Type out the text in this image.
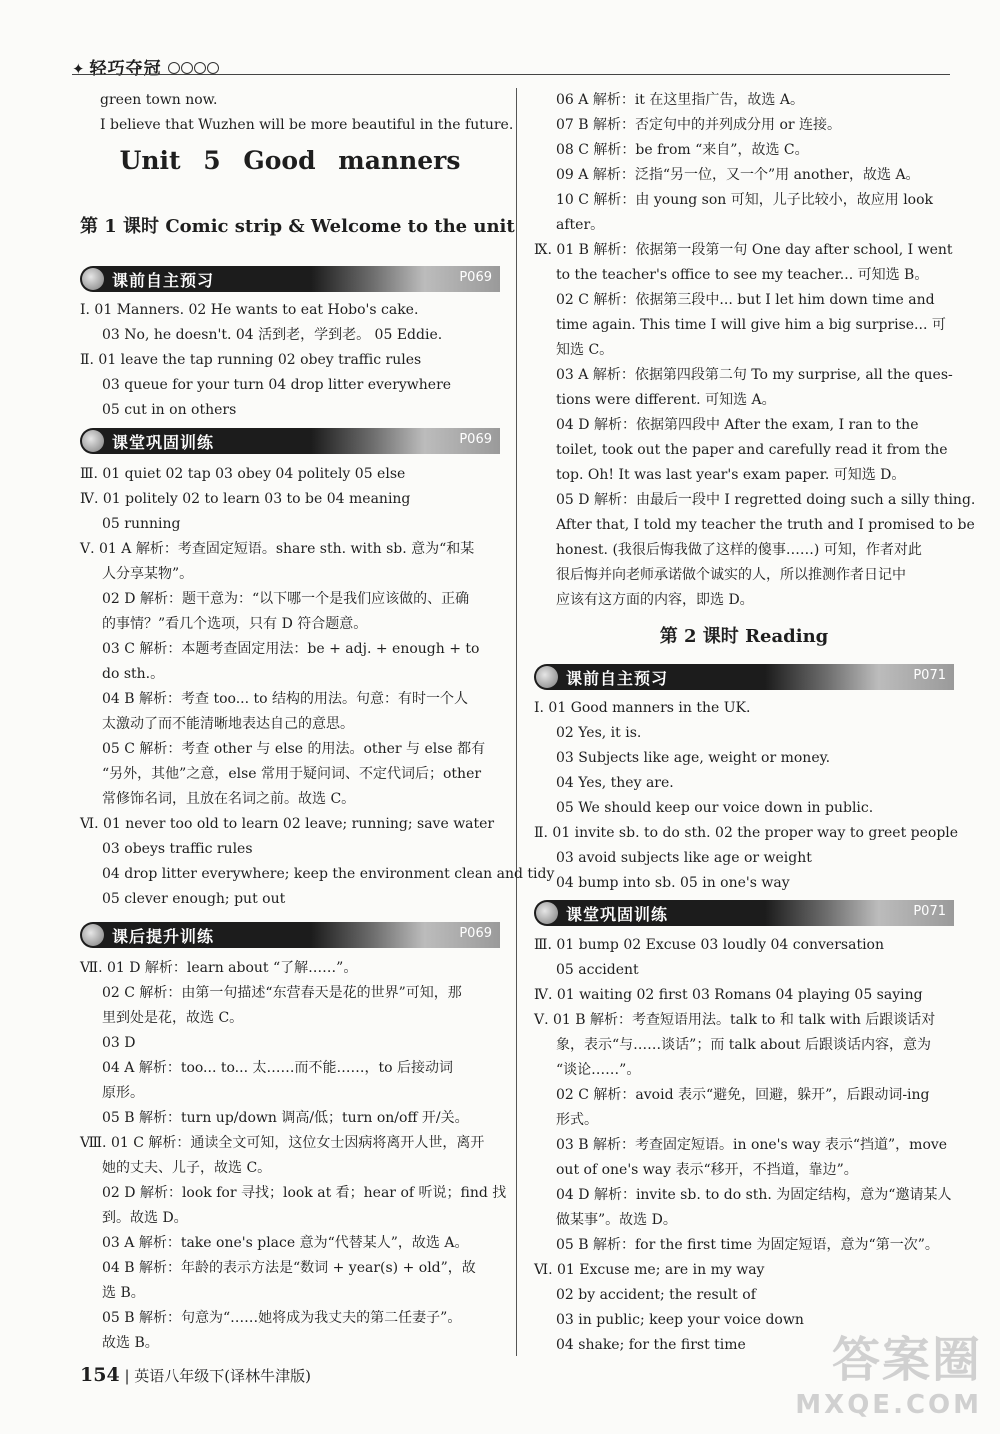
✦ 轻巧夺冠
green town now.
I believe that Wuzhen will be more beautiful in the future.
Unit 5 Good manners
第 1 课时 Comic strip & Welcome to the unit
课前自主预习	P069
Ⅰ. 01 Manners. 02 He wants to eat Hobo's cake.
03 No, he doesn't. 04 活到老，学到老。 05 Eddie.
Ⅱ. 01 leave the tap running 02 obey traffic rules
03 queue for your turn 04 drop litter everywhere
05 cut in on others
课堂巩固训练	P069
Ⅲ. 01 quiet 02 tap 03 obey 04 politely 05 else
Ⅳ. 01 politely 02 to learn 03 to be 04 meaning
05 running
Ⅴ. 01 A 解析：考查固定短语。share sth. with sb. 意为“和某
人分享某物”。
02 D 解析：题干意为：“以下哪一个是我们应该做的、正确
的事情？”看几个选项，只有 D 符合题意。
03 C 解析：本题考查固定用法：be + adj. + enough + to
do sth.。
04 B 解析：考查 too... to 结构的用法。句意：有时一个人
太激动了而不能清晰地表达自己的意思。
05 C 解析：考查 other 与 else 的用法。other 与 else 都有
“另外，其他”之意，else 常用于疑问词、不定代词后；other
常修饰名词，且放在名词之前。故选 C。
Ⅵ. 01 never too old to learn 02 leave; running; save water
03 obeys traffic rules
04 drop litter everywhere; keep the environment clean and tidy
05 clever enough; put out
课后提升训练	P069
Ⅶ. 01 D 解析：learn about “了解……”。
02 C 解析：由第一句描述“东营春天是花的世界”可知，那
里到处是花，故选 C。
03 D
04 A 解析：too... to... 太……而不能……，to 后接动词
原形。
05 B 解析：turn up/down 调高/低；turn on/off 开/关。
Ⅷ. 01 C 解析：通读全文可知，这位女士因病将离开人世，离开
她的丈夫、儿子，故选 C。
02 D 解析：look for 寻找；look at 看；hear of 听说；find 找
到。故选 D。
03 A 解析：take one's place 意为“代替某人”，故选 A。
04 B 解析：年龄的表示方法是“数词 + year(s) + old”，故
选 B。
05 B 解析：句意为“……她将成为我丈夫的第二任妻子”。
故选 B。
06 A 解析：it 在这里指广告，故选 A。
07 B 解析：否定句中的并列成分用 or 连接。
08 C 解析：be from “来自”，故选 C。
09 A 解析：泛指“另一位，又一个”用 another，故选 A。
10 C 解析：由 young son 可知，儿子比较小，故应用 look
after。
Ⅸ. 01 B 解析：依据第一段第一句 One day after school, I went
to the teacher's office to see my teacher... 可知选 B。
02 C 解析：依据第三段中... but I let him down time and
time again. This time I will give him a big surprise... 可
知选 C。
03 A 解析：依据第四段第二句 To my surprise, all the ques-
tions were different. 可知选 A。
04 D 解析：依据第四段中 After the exam, I ran to the
toilet, took out the paper and carefully read it from the
top. Oh! It was last year's exam paper. 可知选 D。
05 D 解析：由最后一段中 I regretted doing such a silly thing.
After that, I told my teacher the truth and I promised to be
honest. (我很后悔我做了这样的傻事……) 可知，作者对此
很后悔并向老师承诺做个诚实的人，所以推测作者日记中
应该有这方面的内容，即选 D。
第 2 课时 Reading
课前自主预习	P071
Ⅰ. 01 Good manners in the UK.
02 Yes, it is.
03 Subjects like age, weight or money.
04 Yes, they are.
05 We should keep our voice down in public.
Ⅱ. 01 invite sb. to do sth. 02 the proper way to greet people
03 avoid subjects like age or weight
04 bump into sb. 05 in one's way
课堂巩固训练	P071
Ⅲ. 01 bump 02 Excuse 03 loudly 04 conversation
05 accident
Ⅳ. 01 waiting 02 first 03 Romans 04 playing 05 saying
Ⅴ. 01 B 解析：考查短语用法。talk to 和 talk with 后跟谈话对
象，表示“与……谈话”；而 talk about 后跟谈话内容，意为
“谈论……”。
02 C 解析：avoid 表示“避免，回避，躲开”，后跟动词-ing
形式。
03 B 解析：考查固定短语。in one's way 表示“挡道”，move
out of one's way 表示“移开，不挡道，靠边”。
04 D 解析：invite sb. to do sth. 为固定结构，意为“邀请某人
做某事”。故选 D。
05 B 解析：for the first time 为固定短语，意为“第一次”。
Ⅵ. 01 Excuse me; are in my way
02 by accident; the result of
03 in public; keep your voice down
04 shake; for the first time
154 | 英语八年级下(译林牛津版)	答案圈
MXQE.COM
